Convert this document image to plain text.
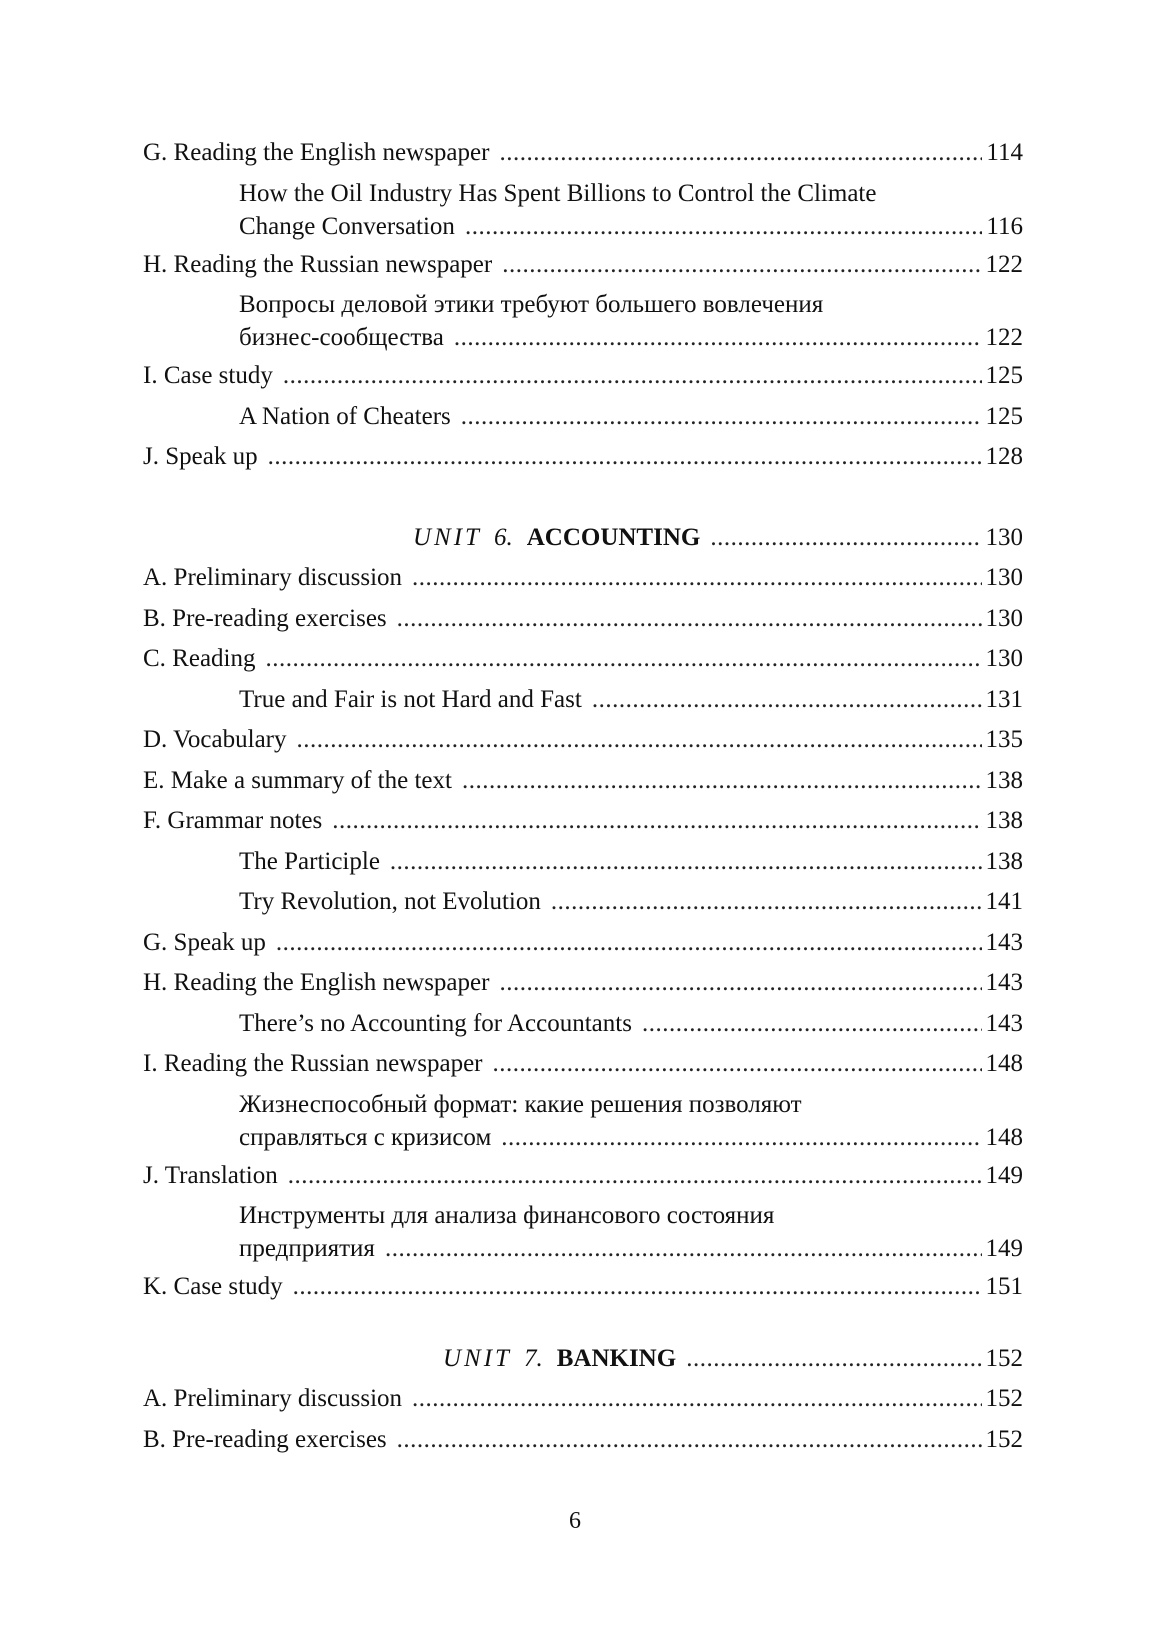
G. Reading the English newspaper .....	114
How the Oil Industry Has Spent Billions to Control the Climate
Change Conversation .....	116
H. Reading the Russian newspaper .....	122
Вопросы деловой этики требуют большего вовлечения
бизнес-сообщества .....	122
I. Case study .....	125
A Nation of Cheaters .....	125
J. Speak up .....	128
UNIT 6. ACCOUNTING .....	130
A. Preliminary discussion .....	130
B. Pre-reading exercises .....	130
C. Reading .....	130
True and Fair is not Hard and Fast .....	131
D. Vocabulary .....	135
E. Make a summary of the text .....	138
F. Grammar notes .....	138
The Participle .....	138
Try Revolution, not Evolution .....	141
G. Speak up .....	143
H. Reading the English newspaper .....	143
There’s no Accounting for Accountants .....	143
I. Reading the Russian newspaper .....	148
Жизнеспособный формат: какие решения позволяют
справляться с кризисом .....	148
J. Translation .....	149
Инструменты для анализа финансового состояния
предприятия .....	149
K. Case study .....	151
UNIT 7. BANKING .....	152
A. Preliminary discussion .....	152
B. Pre-reading exercises .....	152
6
